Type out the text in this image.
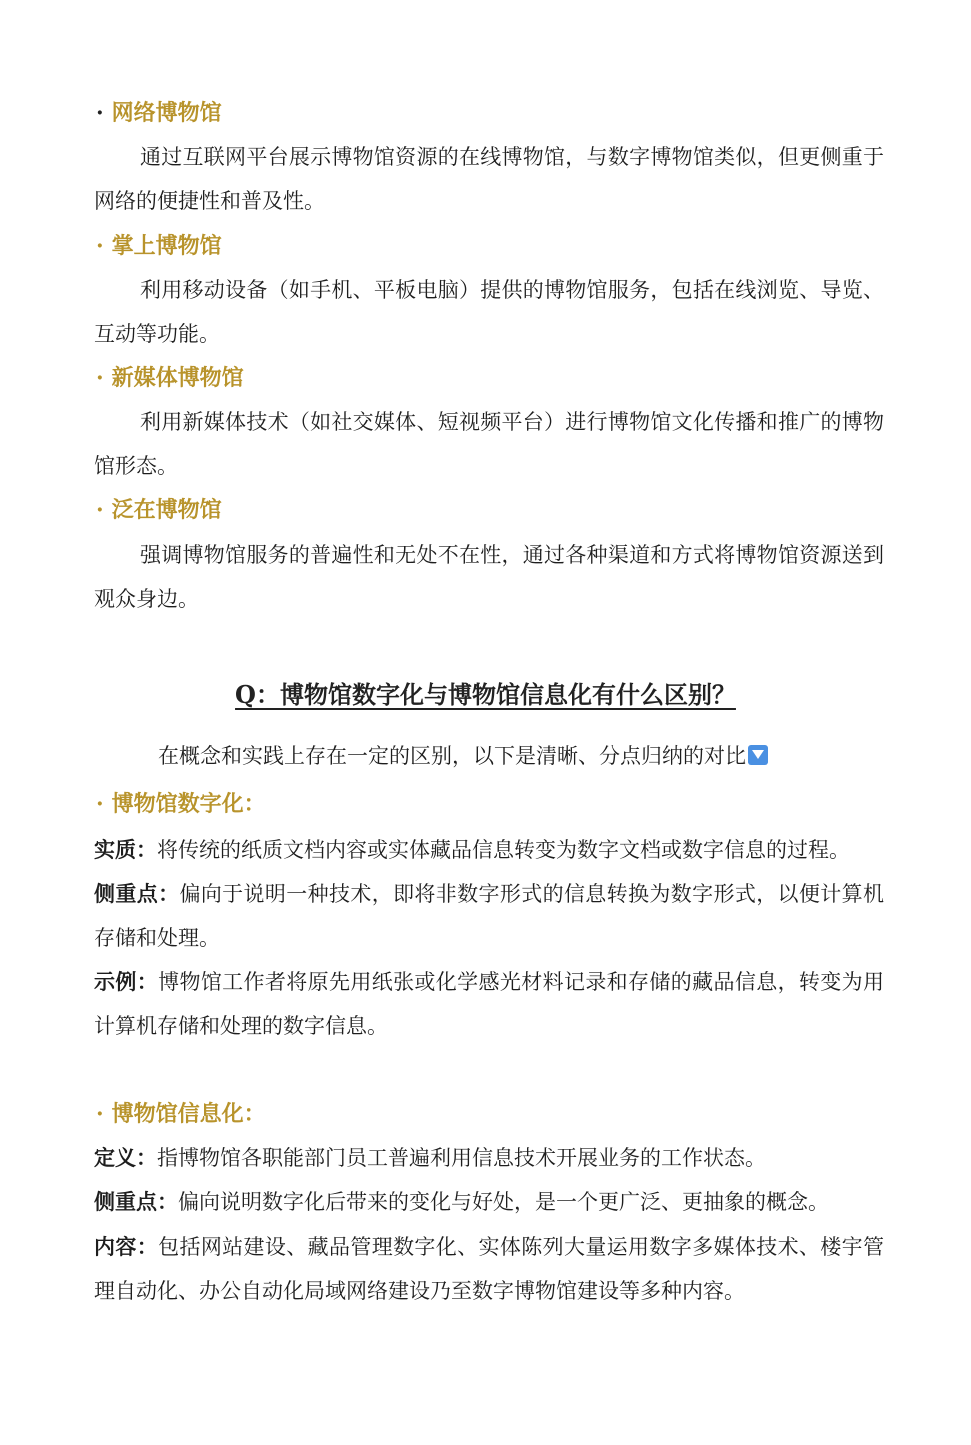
· 网络博物馆

通过互联网平台展示博物馆资源的在线博物馆，与数字博物馆类似，但更侧重于网络的便捷性和普及性。

· 掌上博物馆

利用移动设备（如手机、平板电脑）提供的博物馆服务，包括在线浏览、导览、互动等功能。

· 新媒体博物馆

利用新媒体技术（如社交媒体、短视频平台）进行博物馆文化传播和推广的博物馆形态。

· 泛在博物馆

强调博物馆服务的普遍性和无处不在性，通过各种渠道和方式将博物馆资源送到观众身边。

Q：博物馆数字化与博物馆信息化有什么区别？
在概念和实践上存在一定的区别，以下是清晰、分点归纳的对比
· 博物馆数字化：

实质：将传统的纸质文档内容或实体藏品信息转变为数字文档或数字信息的过程。

侧重点：偏向于说明一种技术，即将非数字形式的信息转换为数字形式，以便计算机存储和处理。

示例：博物馆工作者将原先用纸张或化学感光材料记录和存储的藏品信息，转变为用计算机存储和处理的数字信息。

· 博物馆信息化：

定义：指博物馆各职能部门员工普遍利用信息技术开展业务的工作状态。

侧重点：偏向说明数字化后带来的变化与好处，是一个更广泛、更抽象的概念。

内容：包括网站建设、藏品管理数字化、实体陈列大量运用数字多媒体技术、楼宇管理自动化、办公自动化局域网络建设乃至数字博物馆建设等多种内容。
